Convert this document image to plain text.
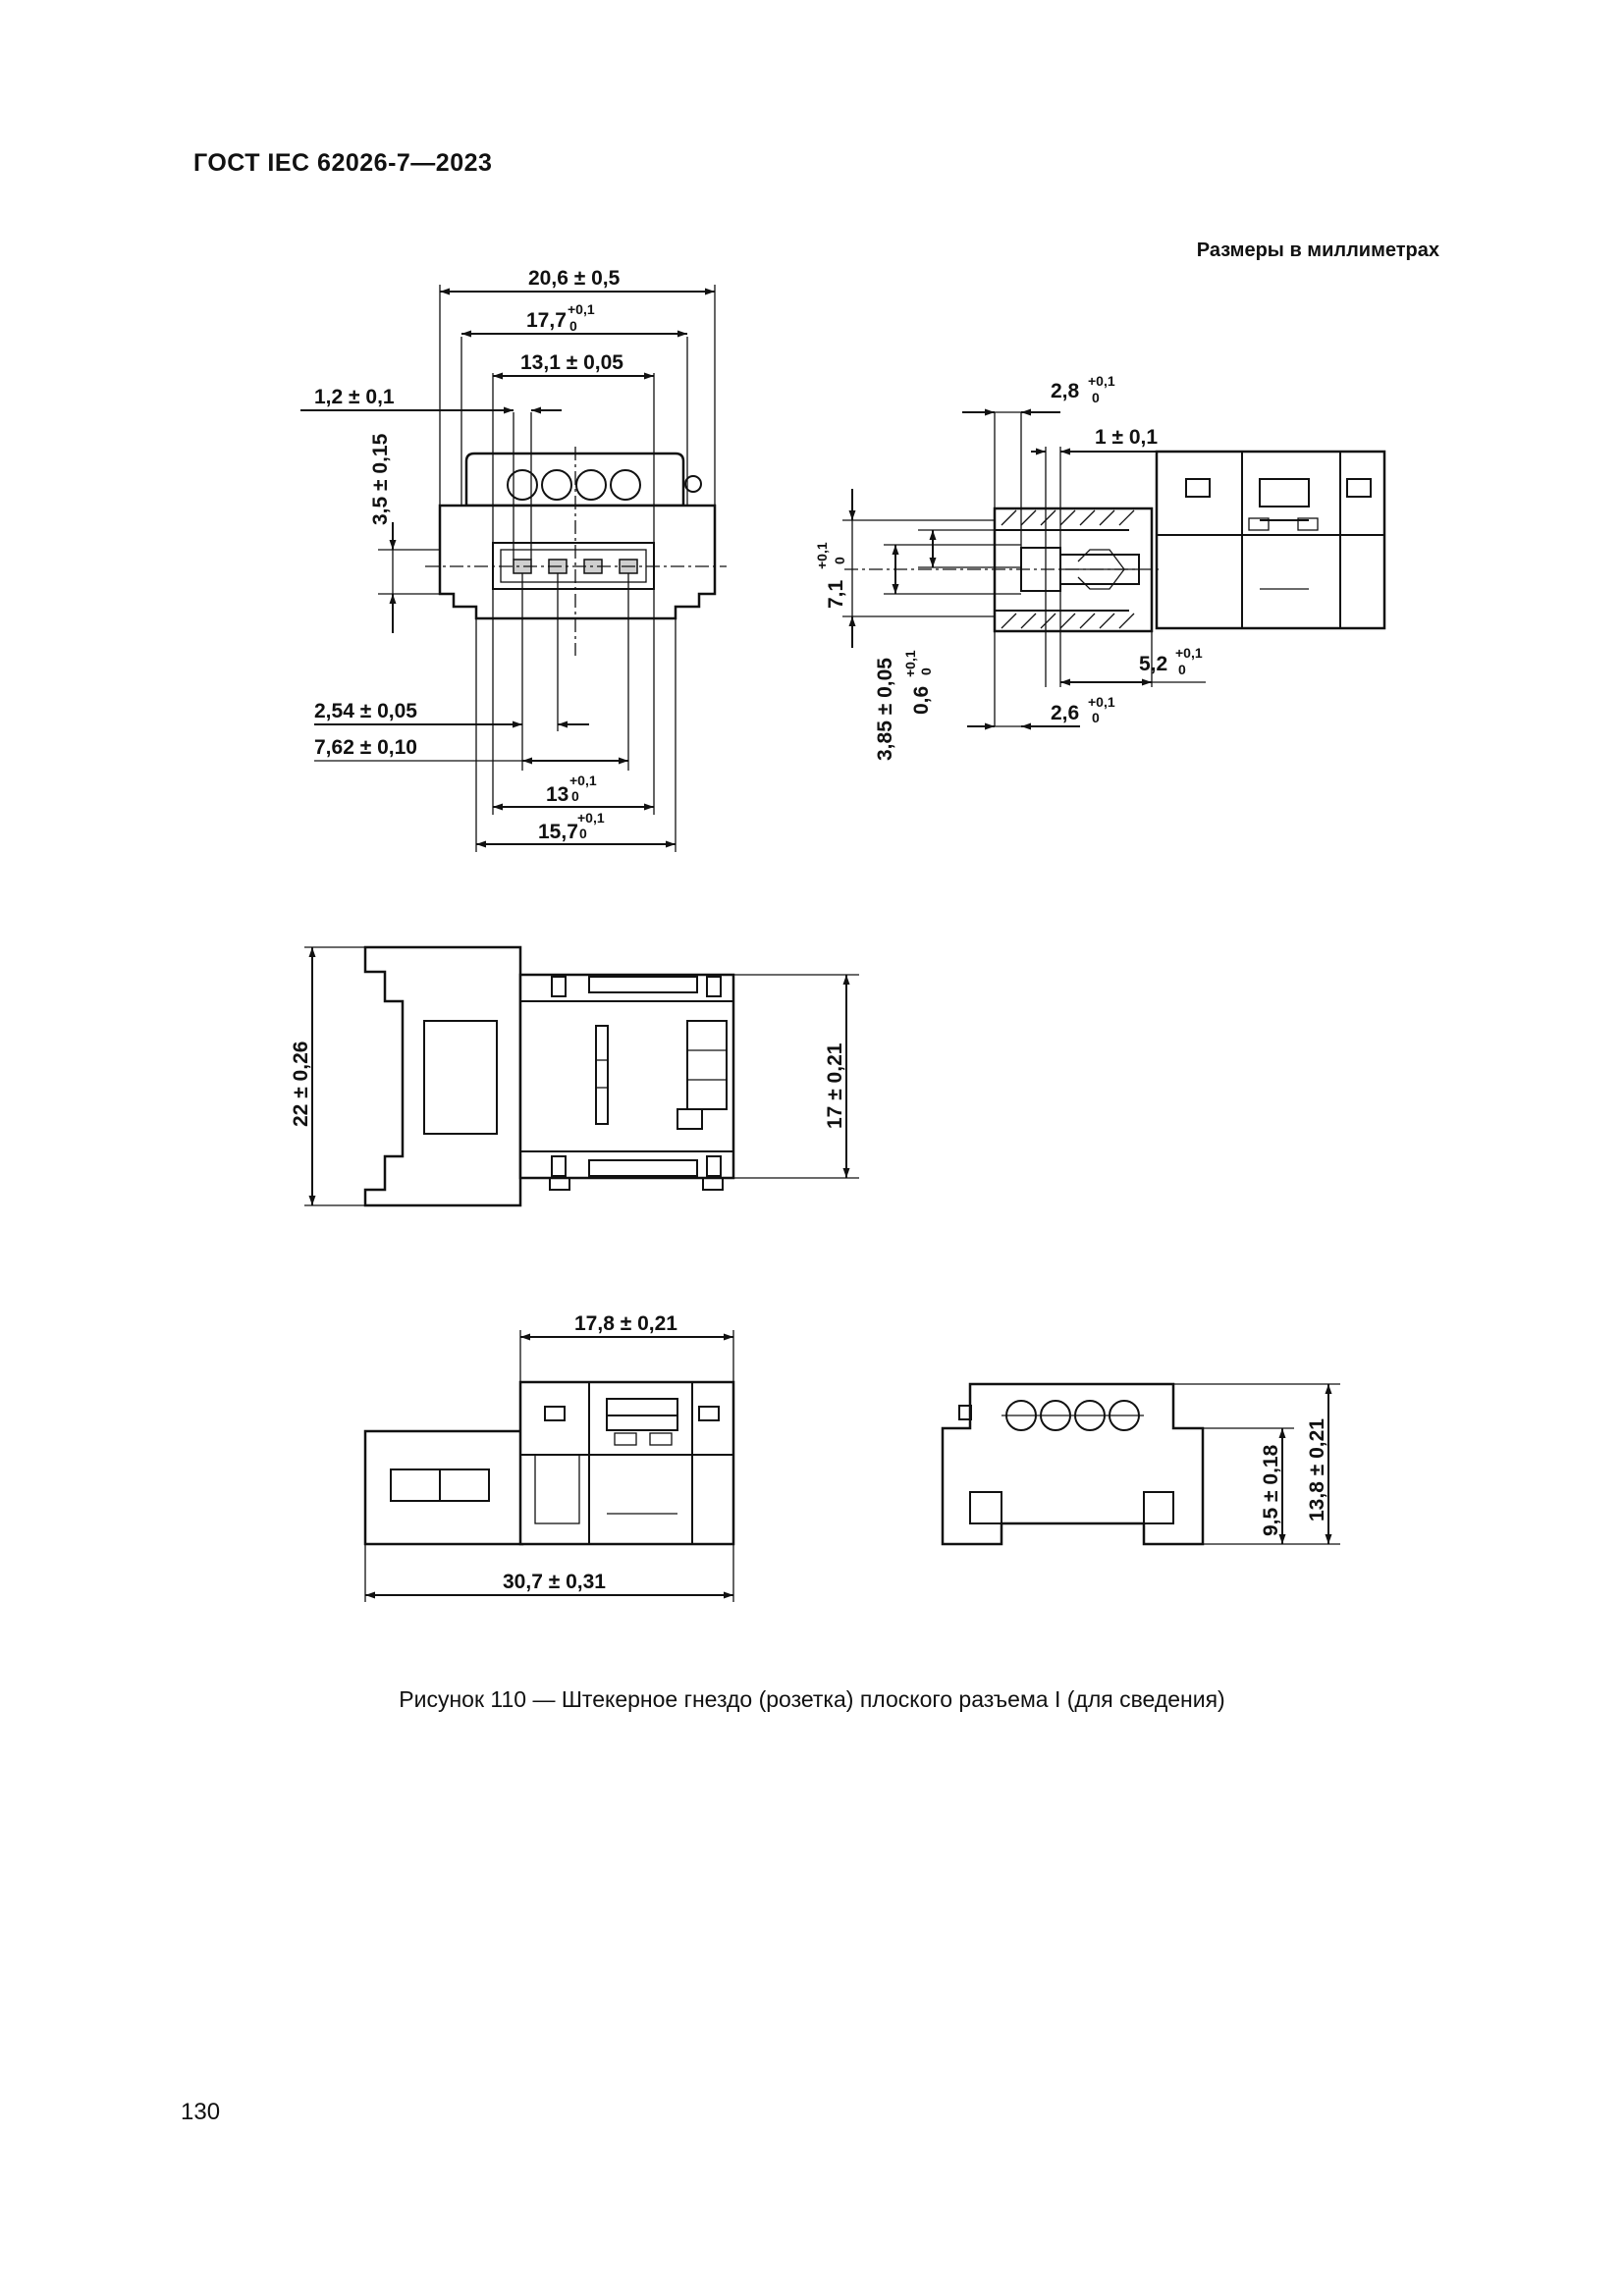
ГОСТ IEC 62026-7—2023
Размеры в миллиметрах
20,6 ± 0,5
17,7 +0,1
0
13,1 ± 0,05
1,2 ± 0,1
3,5 ± 0,15
2,54 ± 0,05
7,62 ± 0,10
13
+0,1
0
15,7
+0,1
0
2,8 +0,1
0
1 ± 0,1
7,1
+0,1 0
3,85 ± 0,05 0,6
+0,1 0	5,2 +0,1
0
2,6 +0,1
0
22 ± 0,26	17 ± 0,21
17,8 ± 0,21
30,7 ± 0,31
9,5 ± 0,18 13,8 ± 0,21
Рисунок 110 — Штекерное гнездо (розетка) плоского разъема I (для сведения)
130
